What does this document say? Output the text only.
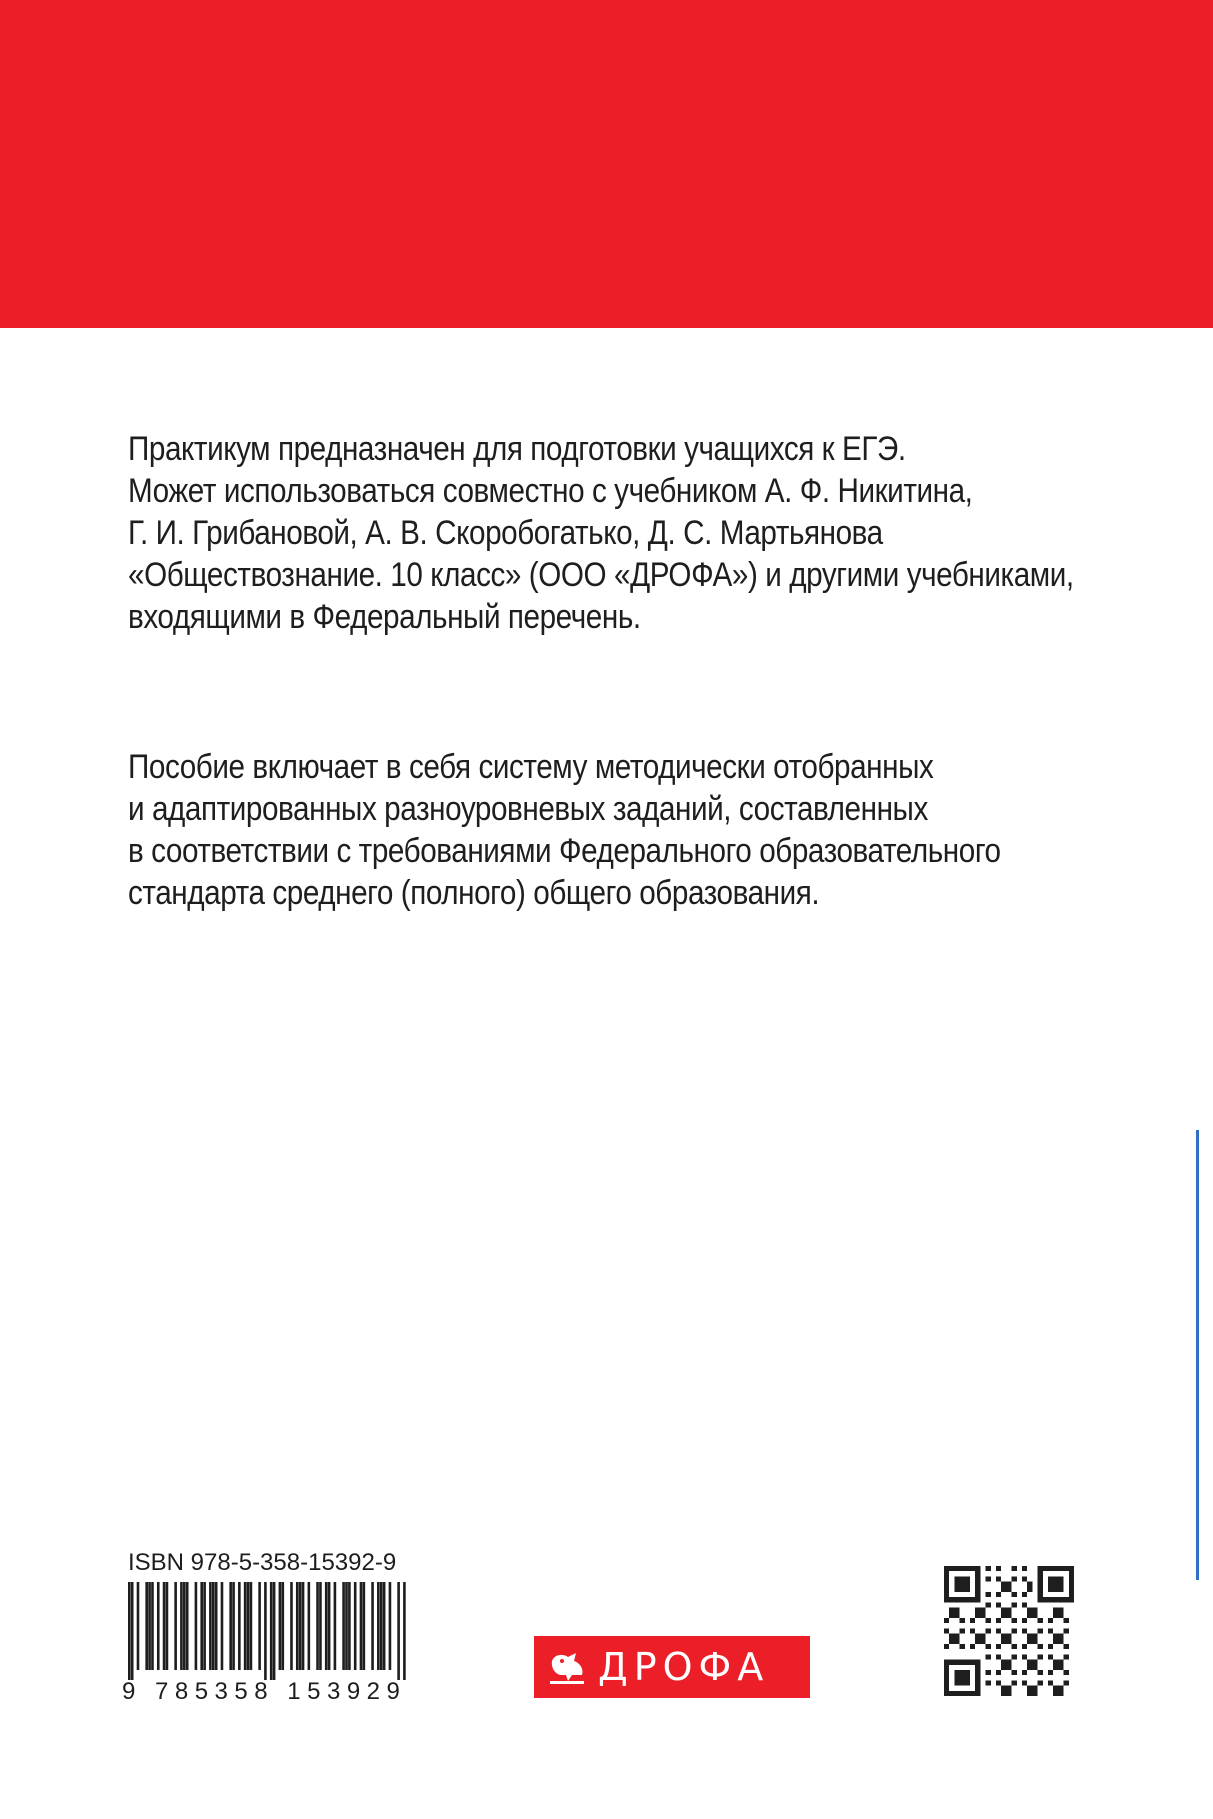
Практикум предназначен для подготовки учащихся к ЕГЭ.
Может использоваться совместно с учебником А. Ф. Никитина,
Г. И. Грибановой, А. В. Скоробогатько, Д. С. Мартьянова
«Обществознание. 10 класс» (ООО «ДРОФА») и другими учебниками,
входящими в Федеральный перечень.
Пособие включает в себя систему методически отобранных
и адаптированных разноуровневых заданий, составленных
в соответствии с требованиями Федерального образовательного
стандарта среднего (полного) общего образования.
ISBN 978-5-358-15392-9
9 785358 153929
ДРОФА
